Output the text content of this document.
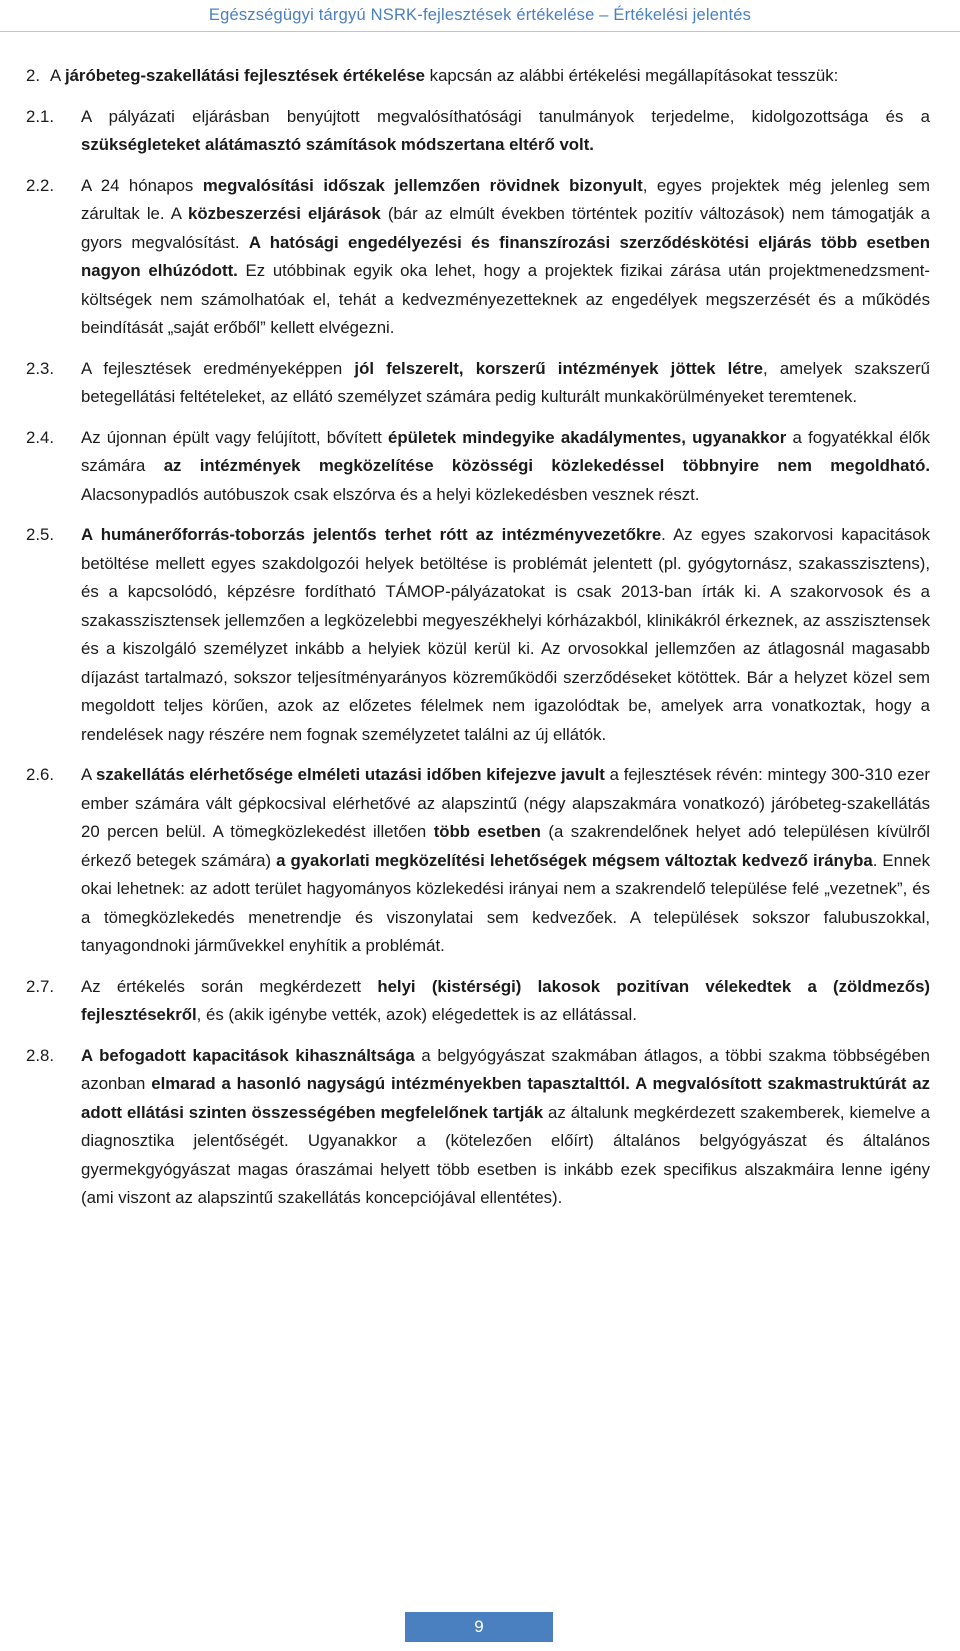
Egészségügyi tárgyú NSRK-fejlesztések értékelése – Értékelési jelentés
2. A járóbeteg-szakellátási fejlesztések értékelése kapcsán az alábbi értékelési megállapításokat tesszük:
2.1.	A pályázati eljárásban benyújtott megvalósíthatósági tanulmányok terjedelme, kidolgozottsága és a szükségleteket alátámasztó számítások módszertana eltérő volt.
2.2.	A 24 hónapos megvalósítási időszak jellemzően rövidnek bizonyult, egyes projektek még jelenleg sem zárultak le. A közbeszerzési eljárások (bár az elmúlt években történtek pozitív változások) nem támogatják a gyors megvalósítást. A hatósági engedélyezési és finanszírozási szerződéskötési eljárás több esetben nagyon elhúzódott. Ez utóbbinak egyik oka lehet, hogy a projektek fizikai zárása után projektmenedzsment-költségek nem számolhatóak el, tehát a kedvezményezetteknek az engedélyek megszerzését és a működés beindítását „saját erőből” kellett elvégezni.
2.3.	A fejlesztések eredményeképpen jól felszerelt, korszerű intézmények jöttek létre, amelyek szakszerű betegellátási feltételeket, az ellátó személyzet számára pedig kulturált munkakörülményeket teremtenek.
2.4.	Az újonnan épült vagy felújított, bővített épületek mindegyike akadálymentes, ugyanakkor a fogyatékkal élők számára az intézmények megközelítése közösségi közlekedéssel többnyire nem megoldható. Alacsonypadlós autóbuszok csak elszórva és a helyi közlekedésben vesznek részt.
2.5.	A humánerőforrás-toborzás jelentős terhet rótt az intézményvezetőkre. Az egyes szakorvosi kapacitások betöltése mellett egyes szakdolgozói helyek betöltése is problémát jelentett (pl. gyógytornász, szakasszisztens), és a kapcsolódó, képzésre fordítható TÁMOP-pályázatokat is csak 2013-ban írták ki. A szakorvosok és a szakasszisztensek jellemzően a legközelebbi megyeszékhelyi kórházakból, klinikákról érkeznek, az asszisztensek és a kiszolgáló személyzet inkább a helyiek közül kerül ki. Az orvosokkal jellemzően az átlagosnál magasabb díjazást tartalmazó, sokszor teljesítményarányos közreműködői szerződéseket kötöttek. Bár a helyzet közel sem megoldott teljes körűen, azok az előzetes félelmek nem igazolódtak be, amelyek arra vonatkoztak, hogy a rendelések nagy részére nem fognak személyzetet találni az új ellátók.
2.6.	A szakellátás elérhetősége elméleti utazási időben kifejezve javult a fejlesztések révén: mintegy 300-310 ezer ember számára vált gépkocsival elérhetővé az alapszintű (négy alapszakmára vonatkozó) járóbeteg-szakellátás 20 percen belül. A tömegközlekedést illetően több esetben (a szakrendelőnek helyet adó településen kívülről érkező betegek számára) a gyakorlati megközelítési lehetőségek mégsem változtak kedvező irányba. Ennek okai lehetnek: az adott terület hagyományos közlekedési irányai nem a szakrendelő települése felé „vezetnek”, és a tömegközlekedés menetrendje és viszonylatai sem kedvezőek. A települések sokszor falubuszokkal, tanyagondnoki járművekkel enyhítik a problémát.
2.7.	Az értékelés során megkérdezett helyi (kistérségi) lakosok pozitívan vélekedtek a (zöldmezős) fejlesztésekről, és (akik igénybe vették, azok) elégedettek is az ellátással.
2.8.	A befogadott kapacitások kihasználtsága a belgyógyászat szakmában átlagos, a többi szakma többségében azonban elmarad a hasonló nagyságú intézményekben tapasztalttól. A megvalósított szakmastruktúrát az adott ellátási szinten összességében megfelelőnek tartják az általunk megkérdezett szakemberek, kiemelve a diagnosztika jelentőségét. Ugyanakkor a (kötelezően előírt) általános belgyógyászat és általános gyermekgyógyászat magas óraszámai helyett több esetben is inkább ezek specifikus alszakmáira lenne igény (ami viszont az alapszintű szakellátás koncepciójával ellentétes).
9
